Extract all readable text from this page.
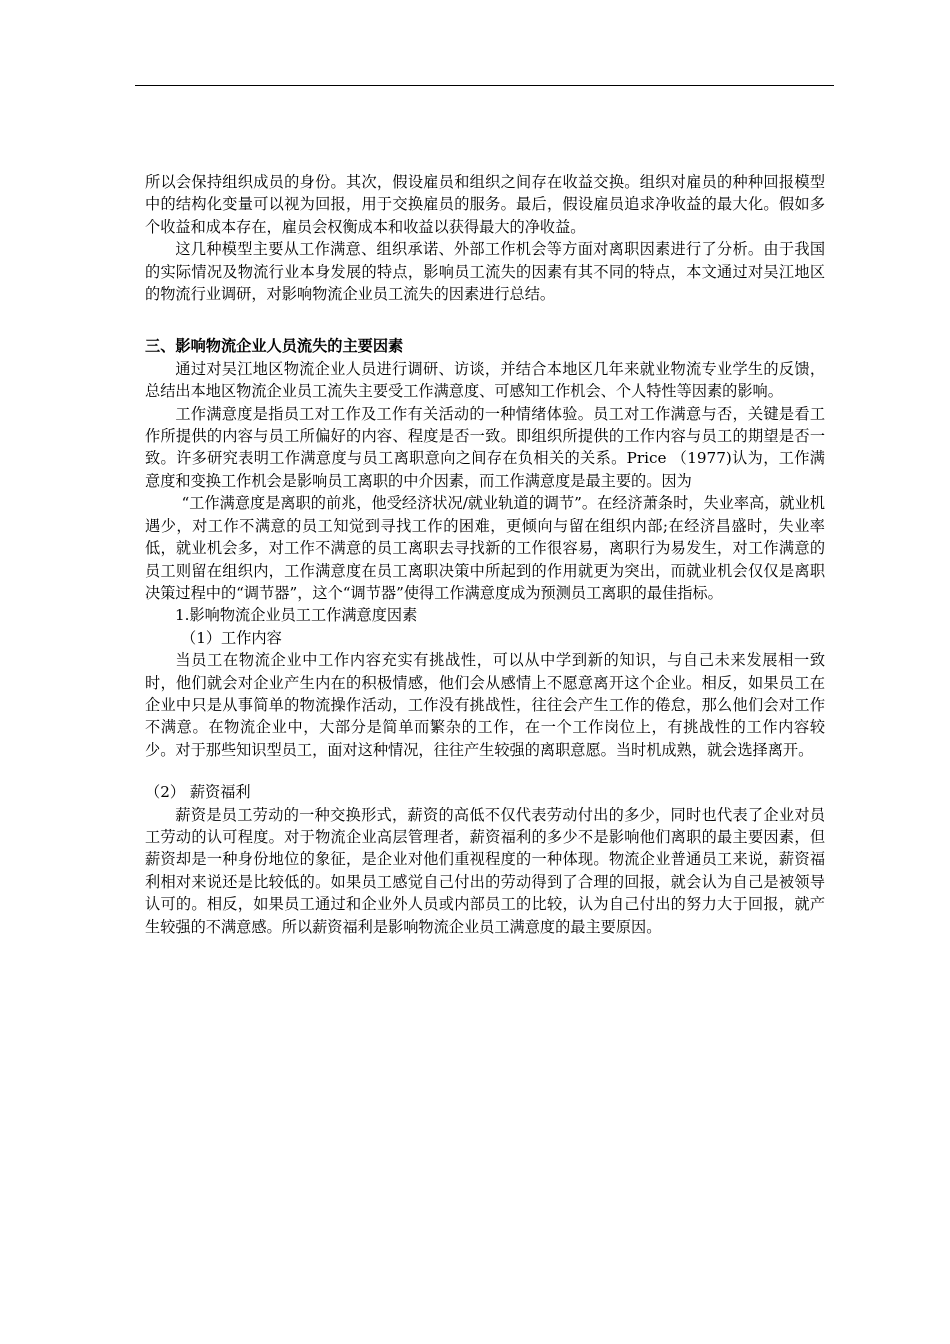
所以会保持组织成员的身份。其次，假设雇员和组织之间存在收益交换。组织对雇员的种种回报模型中的结构化变量可以视为回报，用于交换雇员的服务。最后，假设雇员追求净收益的最大化。假如多个收益和成本存在，雇员会权衡成本和收益以获得最大的净收益。

这几种模型主要从工作满意、组织承诺、外部工作机会等方面对离职因素进行了分析。由于我国的实际情况及物流行业本身发展的特点，影响员工流失的因素有其不同的特点，本文通过对吴江地区的物流行业调研，对影响物流企业员工流失的因素进行总结。

三、影响物流企业人员流失的主要因素

通过对吴江地区物流企业人员进行调研、访谈，并结合本地区几年来就业物流专业学生的反馈，总结出本地区物流企业员工流失主要受工作满意度、可感知工作机会、个人特性等因素的影响。

工作满意度是指员工对工作及工作有关活动的一种情绪体验。员工对工作满意与否，关键是看工作所提供的内容与员工所偏好的内容、程度是否一致。即组织所提供的工作内容与员工的期望是否一致。许多研究表明工作满意度与员工离职意向之间存在负相关的关系。Price （1977)认为，工作满意度和变换工作机会是影响员工离职的中介因素，而工作满意度是最主要的。因为

“工作满意度是离职的前兆，他受经济状况/就业轨道的调节”。在经济萧条时，失业率高，就业机遇少，对工作不满意的员工知觉到寻找工作的困难，更倾向与留在组织内部;在经济昌盛时，失业率低，就业机会多，对工作不满意的员工离职去寻找新的工作很容易，离职行为易发生，对工作满意的员工则留在组织内，工作满意度在员工离职决策中所起到的作用就更为突出，而就业机会仅仅是离职决策过程中的“调节器”，这个“调节器”使得工作满意度成为预测员工离职的最佳指标。

1.影响物流企业员工工作满意度因素

（1）工作内容

当员工在物流企业中工作内容充实有挑战性，可以从中学到新的知识，与自己未来发展相一致时，他们就会对企业产生内在的积极情感，他们会从感情上不愿意离开这个企业。相反，如果员工在企业中只是从事简单的物流操作活动，工作没有挑战性，往往会产生工作的倦怠，那么他们会对工作不满意。在物流企业中，大部分是简单而繁杂的工作，在一个工作岗位上，有挑战性的工作内容较少。对于那些知识型员工，面对这种情况，往往产生较强的离职意愿。当时机成熟，就会选择离开。

（2） 薪资福利

薪资是员工劳动的一种交换形式，薪资的高低不仅代表劳动付出的多少，同时也代表了企业对员工劳动的认可程度。对于物流企业高层管理者，薪资福利的多少不是影响他们离职的最主要因素，但薪资却是一种身份地位的象征，是企业对他们重视程度的一种体现。物流企业普通员工来说，薪资福利相对来说还是比较低的。如果员工感觉自己付出的劳动得到了合理的回报，就会认为自己是被领导认可的。相反，如果员工通过和企业外人员或内部员工的比较，认为自己付出的努力大于回报，就产生较强的不满意感。所以薪资福利是影响物流企业员工满意度的最主要原因。
